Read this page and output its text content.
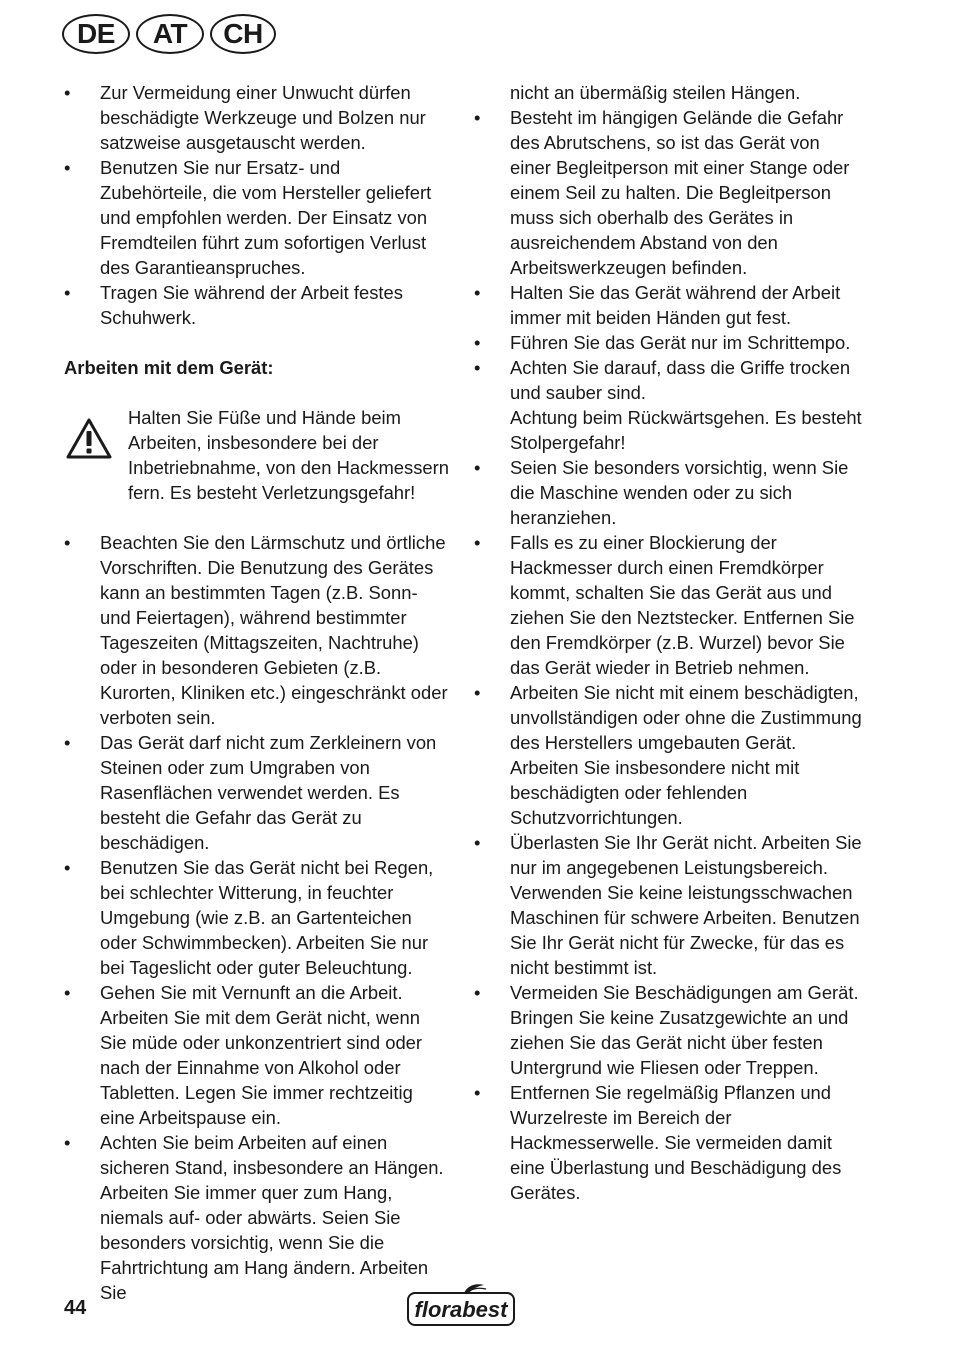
DE	AT	CH
• Zur Vermeidung einer Unwucht dürfen beschädigte Werkzeuge und Bolzen nur satzweise ausgetauscht werden.
• Benutzen Sie nur Ersatz- und Zubehörteile, die vom Hersteller geliefert und empfohlen werden. Der Einsatz von Fremdteilen führt zum sofortigen Verlust des Garantieanspruches.
• Tragen Sie während der Arbeit festes Schuhwerk.
Arbeiten mit dem Gerät:
Halten Sie Füße und Hände beim Arbeiten, insbesondere bei der Inbetriebnahme, von den Hackmessern fern. Es besteht Verletzungsgefahr!
• Beachten Sie den Lärmschutz und örtliche Vorschriften. Die Benutzung des Gerätes kann an bestimmten Tagen (z.B. Sonn- und Feiertagen), während bestimmter Tageszeiten (Mittagszeiten, Nachtruhe) oder in besonderen Gebieten (z.B. Kurorten, Kliniken etc.) eingeschränkt oder verboten sein.
• Das Gerät darf nicht zum Zerkleinern von Steinen oder zum Umgraben von Rasenflächen verwendet werden. Es besteht die Gefahr das Gerät zu beschädigen.
• Benutzen Sie das Gerät nicht bei Regen, bei schlechter Witterung, in feuchter Umgebung (wie z.B. an Gartenteichen oder Schwimmbecken). Arbeiten Sie nur bei Tageslicht oder guter Beleuchtung.
• Gehen Sie mit Vernunft an die Arbeit. Arbeiten Sie mit dem Gerät nicht, wenn Sie müde oder unkonzentriert sind oder nach der Einnahme von Alkohol oder Tabletten. Legen Sie immer rechtzeitig eine Arbeitspause ein.
• Achten Sie beim Arbeiten auf einen sicheren Stand, insbesondere an Hängen. Arbeiten Sie immer quer zum Hang, niemals auf- oder abwärts. Seien Sie besonders vorsichtig, wenn Sie die Fahrtrichtung am Hang ändern. Arbeiten Sie
nicht an übermäßig steilen Hängen.
• Besteht im hängigen Gelände die Gefahr des Abrutschens, so ist das Gerät von einer Begleitperson mit einer Stange oder einem Seil zu halten. Die Begleitperson muss sich oberhalb des Gerätes in ausreichendem Abstand von den Arbeitswerkzeugen befinden.
• Halten Sie das Gerät während der Arbeit immer mit beiden Händen gut fest.
• Führen Sie das Gerät nur im Schrittempo.
• Achten Sie darauf, dass die Griffe trocken und sauber sind.
Achtung beim Rückwärtsgehen. Es besteht Stolpergefahr!
• Seien Sie besonders vorsichtig, wenn Sie die Maschine wenden oder zu sich heranziehen.
• Falls es zu einer Blockierung der Hackmesser durch einen Fremdkörper kommt, schalten Sie das Gerät aus und ziehen Sie den Neztstecker. Entfernen Sie den Fremdkörper (z.B. Wurzel) bevor Sie das Gerät wieder in Betrieb nehmen.
• Arbeiten Sie nicht mit einem beschädigten, unvollständigen oder ohne die Zustimmung des Herstellers umgebauten Gerät. Arbeiten Sie insbesondere nicht mit beschädigten oder fehlenden Schutzvorrichtungen.
• Überlasten Sie Ihr Gerät nicht. Arbeiten Sie nur im angegebenen Leistungsbereich. Verwenden Sie keine leistungsschwachen Maschinen für schwere Arbeiten. Benutzen Sie Ihr Gerät nicht für Zwecke, für das es nicht bestimmt ist.
• Vermeiden Sie Beschädigungen am Gerät. Bringen Sie keine Zusatzgewichte an und ziehen Sie das Gerät nicht über festen Untergrund wie Fliesen oder Treppen.
• Entfernen Sie regelmäßig Pflanzen und Wurzelreste im Bereich der Hackmesserwelle. Sie vermeiden damit eine Überlastung und Beschädigung des Gerätes.
44	florabest
